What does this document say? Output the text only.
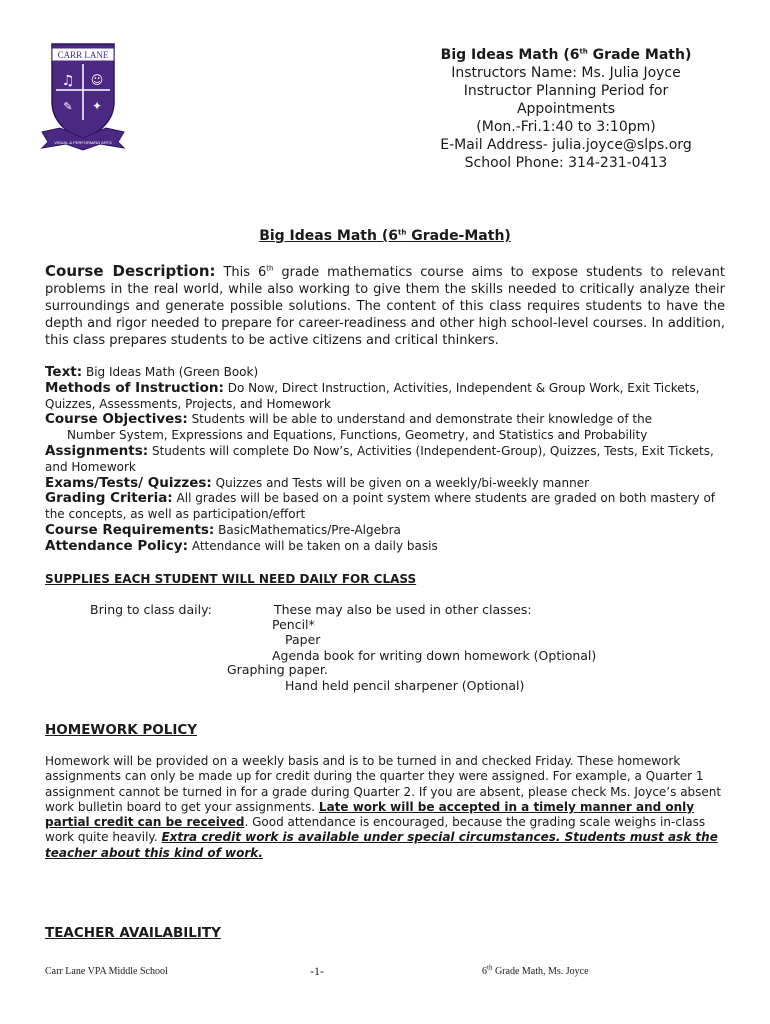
CARR LANE
♫ ☺
✎ ✦
VISUAL & PERFORMING ARTS
Big Ideas Math (6th Grade Math)
Instructors Name: Ms. Julia Joyce
Instructor Planning Period for
Appointments
(Mon.-Fri.1:40 to 3:10pm)
E-Mail Address- julia.joyce@slps.org
School Phone: 314-231-0413
Big Ideas Math (6th Grade-Math)
Course Description: This 6th grade mathematics course aims to expose students to relevant problems in the real world, while also working to give them the skills needed to critically analyze their surroundings and generate possible solutions. The content of this class requires students to have the depth and rigor needed to prepare for career-readiness and other high school-level courses. In addition, this class prepares students to be active citizens and critical thinkers.
Text: Big Ideas Math (Green Book)
Methods of Instruction: Do Now, Direct Instruction, Activities, Independent & Group Work, Exit Tickets, Quizzes, Assessments, Projects, and Homework
Course Objectives: Students will be able to understand and demonstrate their knowledge of the
Number System, Expressions and Equations, Functions, Geometry, and Statistics and Probability
Assignments: Students will complete Do Now’s, Activities (Independent-Group), Quizzes, Tests, Exit Tickets, and Homework
Exams/Tests/ Quizzes: Quizzes and Tests will be given on a weekly/bi-weekly manner
Grading Criteria: All grades will be based on a point system where students are graded on both mastery of the concepts, as well as participation/effort
Course Requirements: BasicMathematics/Pre-Algebra
Attendance Policy: Attendance will be taken on a daily basis
SUPPLIES EACH STUDENT WILL NEED DAILY FOR CLASS
Bring to class daily:	These may also be used in other classes:
Pencil*
Paper
Agenda book for writing down homework (Optional)
Graphing paper.
Hand held pencil sharpener (Optional)
HOMEWORK POLICY
Homework will be provided on a weekly basis and is to be turned in and checked Friday. These homework assignments can only be made up for credit during the quarter they were assigned. For example, a Quarter 1 assignment cannot be turned in for a grade during Quarter 2. If you are absent, please check Ms. Joyce’s absent work bulletin board to get your assignments. Late work will be accepted in a timely manner and only partial credit can be received. Good attendance is encouraged, because the grading scale weighs in-class work quite heavily. Extra credit work is available under special circumstances. Students must ask the teacher about this kind of work.
TEACHER AVAILABILITY
Carr Lane VPA Middle School	-1-	6th Grade Math, Ms. Joyce
